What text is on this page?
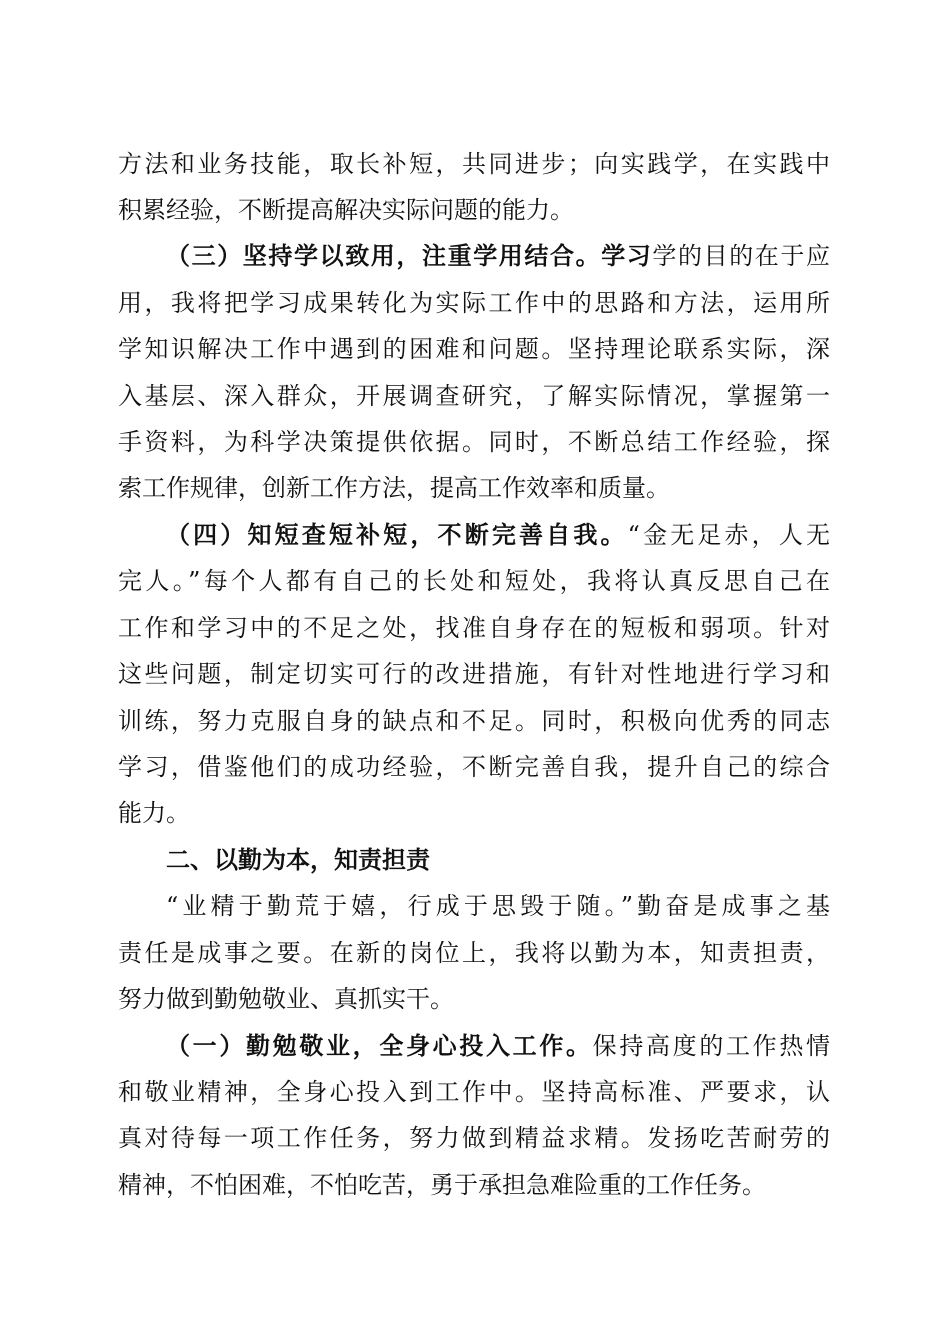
方法和业务技能，取长补短，共同进步；向实践学，在实践中
积累经验，不断提高解决实际问题的能力。
（三）坚持学以致用，注重学用结合。学习学的目的在于应
用，我将把学习成果转化为实际工作中的思路和方法，运用所
学知识解决工作中遇到的困难和问题。坚持理论联系实际，深
入基层、深入群众，开展调查研究，了解实际情况，掌握第一
手资料，为科学决策提供依据。同时，不断总结工作经验，探
索工作规律，创新工作方法，提高工作效率和质量。
（四）知短查短补短，不断完善自我。“金无足赤，人无
完人。”每个人都有自己的长处和短处，我将认真反思自己在
工作和学习中的不足之处，找准自身存在的短板和弱项。针对
这些问题，制定切实可行的改进措施，有针对性地进行学习和
训练，努力克服自身的缺点和不足。同时，积极向优秀的同志
学习，借鉴他们的成功经验，不断完善自我，提升自己的综合
能力。
二、以勤为本，知责担责
“业精于勤荒于嬉，行成于思毁于随。”勤奋是成事之基
责任是成事之要。在新的岗位上，我将以勤为本，知责担责，
努力做到勤勉敬业、真抓实干。
（一）勤勉敬业，全身心投入工作。保持高度的工作热情
和敬业精神，全身心投入到工作中。坚持高标准、严要求，认
真对待每一项工作任务，努力做到精益求精。发扬吃苦耐劳的
精神，不怕困难，不怕吃苦，勇于承担急难险重的工作任务。
